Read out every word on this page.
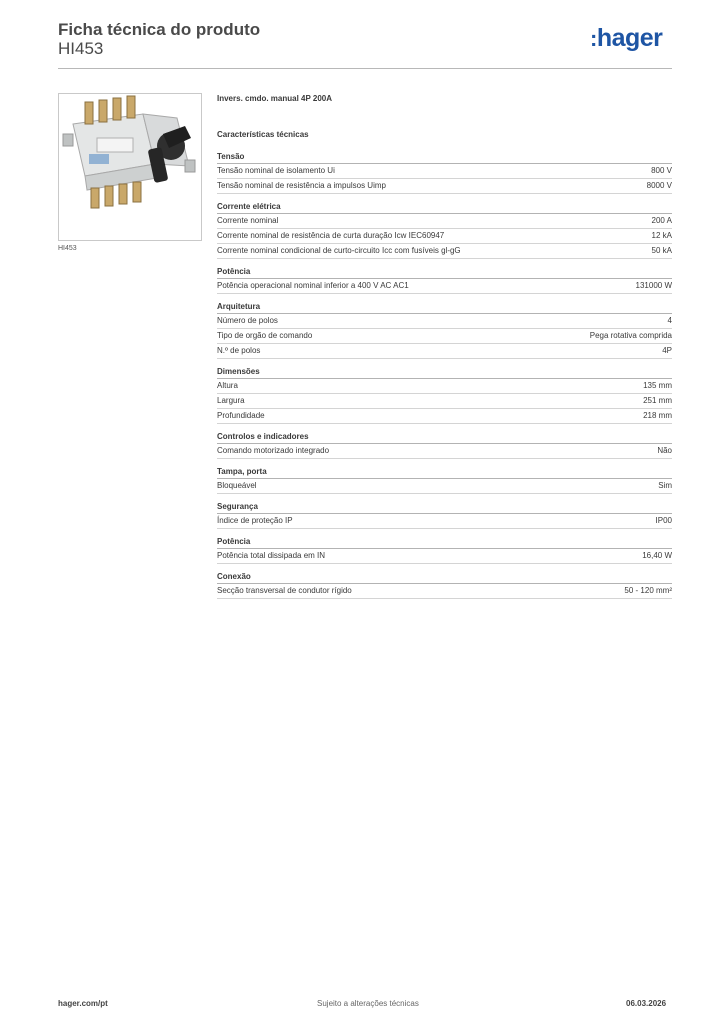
Ficha técnica do produto
HI453	:hager
HI453
Invers. cmdo. manual 4P 200A
Características técnicas
Tensão
Tensão nominal de isolamento Ui	800 V
Tensão nominal de resistência a impulsos Uimp	8000 V
Corrente elétrica
Corrente nominal	200 A
Corrente nominal de resistência de curta duração Icw IEC60947	12 kA
Corrente nominal condicional de curto-circuito Icc com fusíveis gl-gG	50 kA
Potência
Potência operacional nominal inferior a 400 V AC AC1	131000 W
Arquitetura
Número de polos	4
Tipo de orgão de comando	Pega rotativa comprida
N.º de polos	4P
Dimensões
Altura	135 mm
Largura	251 mm
Profundidade	218 mm
Controlos e indicadores
Comando motorizado integrado	Não
Tampa, porta
Bloqueável	Sim
Segurança
Índice de proteção IP	IP00
Potência
Potência total dissipada em IN	16,40 W
Conexão
Secção transversal de condutor rígido	50 - 120 mm²
hager.com/pt	Sujeito a alterações técnicas	06.03.2026
